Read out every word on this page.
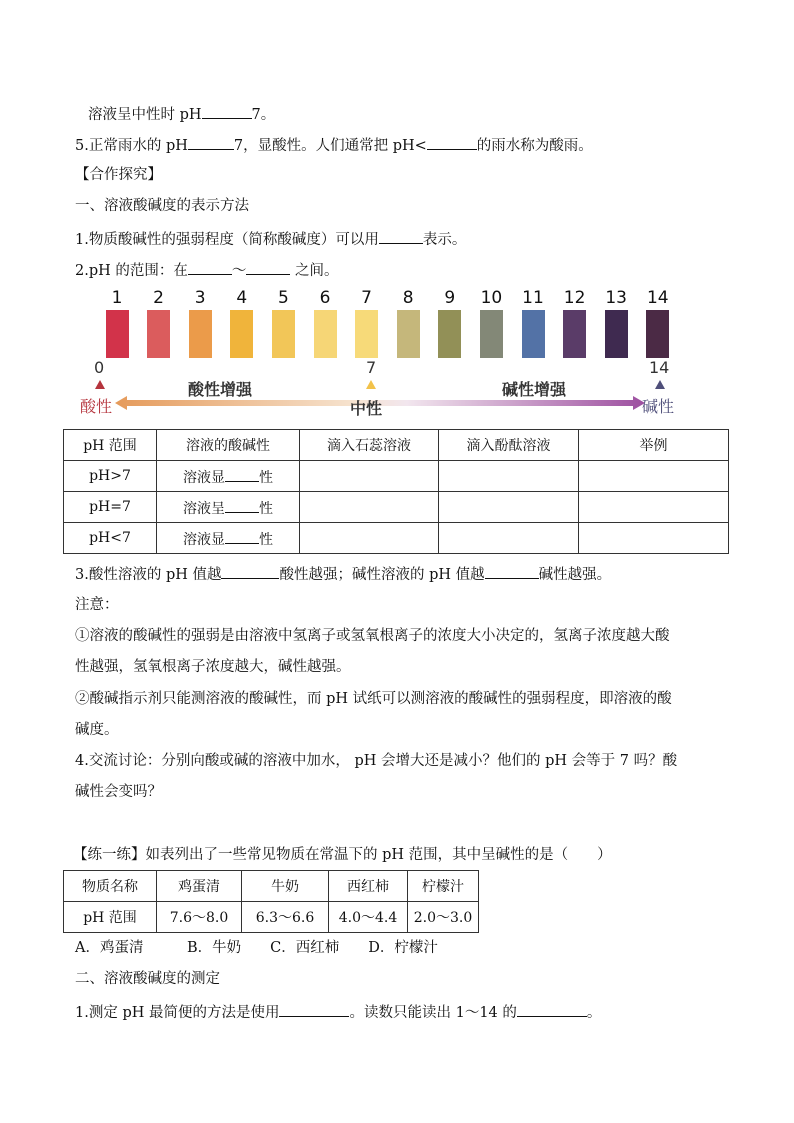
溶液呈中性时 pH	7。
5.正常雨水的 pH	7，显酸性。人们通常把 pH<	的雨水称为酸雨。
【合作探究】
一、溶液酸碱度的表示方法
1.物质酸碱性的强弱程度（简称酸碱度）可以用	表示。
2.pH 的范围：在	～	之间。
1	2	3	4	5	6	7	8	9	10 11 12 13 14
0	7	14
酸性增强	碱性增强
酸性	中性	碱性
pH 范围	溶液的酸碱性	滴入石蕊溶液	滴入酚酞溶液	举例
pH>7	溶液显 性			
pH=7	溶液呈 性			
pH<7	溶液显 性			
3.酸性溶液的 pH 值越	酸性越强；碱性溶液的 pH 值越	碱性越强。
注意：
①溶液的酸碱性的强弱是由溶液中氢离子或氢氧根离子的浓度大小决定的，氢离子浓度越大酸
性越强，氢氧根离子浓度越大，碱性越强。
②酸碱指示剂只能测溶液的酸碱性，而 pH 试纸可以测溶液的酸碱性的强弱程度，即溶液的酸
碱度。
4.交流讨论：分别向酸或碱的溶液中加水， pH 会增大还是减小？他们的 pH 会等于 7 吗？酸
碱性会变吗？
【练一练】如表列出了一些常见物质在常温下的 pH 范围，其中呈碱性的是（　　）
物质名称	鸡蛋清	牛奶	西红柿	柠檬汁
pH 范围	7.6～8.0	6.3～6.6	4.0～4.4	2.0～3.0
A．鸡蛋清　　　B．牛奶　　C．西红柿　　D．柠檬汁
二、溶液酸碱度的测定
1.测定 pH 最简便的方法是使用	。读数只能读出 1～14 的	。
